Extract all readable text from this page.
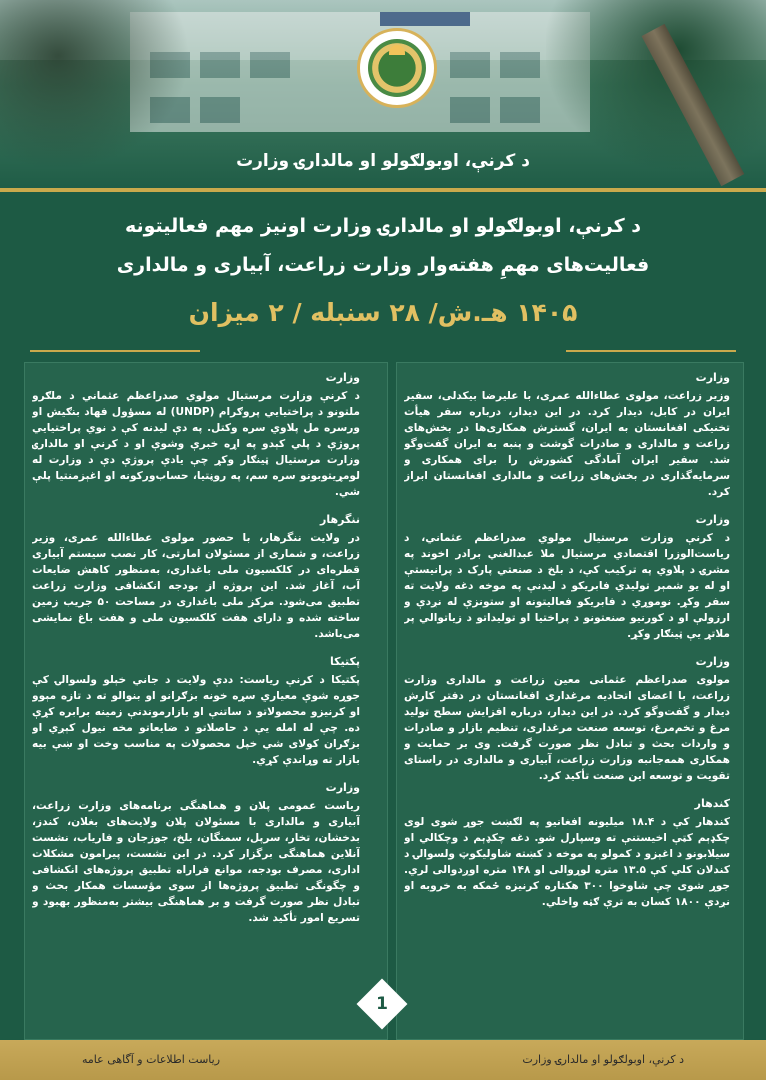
د کرنې، اوبولګولو او مالدارۍ وزارت
د کرنې، اوبولګولو او مالدارۍ وزارت اونیز مهم فعالیتونه
فعالیت‌های مهمِ هفته‌وار وزارت زراعت، آبیاری و مالداری
۱۴۰۵ هـ.ش/ ۲۸ سنبله / ۲ میزان
وزارت

وزیر زراعت، مولوی عطاءالله عمری، با علیرضا بیکدلی، سفیر ایران در کابل، دیدار کرد. در این دیدار، درباره سفر هیأت تخنیکی افغانستان به ایران، گسترش همکاری‌ها در بخش‌های زراعت و مالداری و صادرات گوشت و پنبه به ایران گفت‌وگو شد. سفیر ایران آمادگی کشورش را برای همکاری و سرمایه‌گذاری در بخش‌های زراعت و مالداری افغانستان ابراز کرد.

وزارت

د کرنې وزارت مرستیال مولوي صدراعظم عثماني، د ریاست‌الوزرا اقتصادي مرستیال ملا عبدالغني برادر اخوند په مشرۍ د پلاوي په ترکیب کې، د بلخ د صنعتي پارک د پرانیستې او له یو شمېر تولیدي فابریکو د لیدنې په موخه دغه ولایت ته سفر وکړ. نوموړي د فابریکو فعالیتونه او ستونزې له نږدې و ارزولې او د کورنیو صنعتونو د پراختیا او تولیداتو د زیاتوالي پر ملاتړ یې ټینګار وکړ.

وزارت

مولوی صدراعظم عثمانی معین زراعت و مالداری وزارت زراعت، با اعضای اتحادیه مرغداری افغانستان در دفتر کارش دیدار و گفت‌وگو کرد. در این دیدار، درباره افزایش سطح تولید مرغ و تخم‌مرغ، توسعه صنعت مرغداری، تنظیم بازار و صادرات و واردات بحث و تبادل نظر صورت گرفت. وی بر حمایت و همکاری همه‌جانبه وزارت زراعت، آبیاری و مالداری در راستای تقویت و توسعه این صنعت تأکید کرد.

کندهار

کندهار کې د ۱۸.۴ میلیونه افغانیو په لګښت جوړ شوی لوی چکډېم کټې اخیستنې ته وسپارل شو. دغه چکډېم د وچکالي او سیلابونو د اغېزو د کمولو په موخه د کښته شاولیکوټ ولسوالۍ د کندلان کلي کې ۱۳.۵ متره لوړوالی او ۱۴۸ متره اوږدوالی لري. جوړ شوی چې شاوخوا ۳۰۰ هکتاره کرنیزه ځمکه به خروبه او نږدې ۱۸۰۰ کسان به ترې ګټه واخلي.

وزارت

د کرنې وزارت مرستیال مولوي صدراعظم عثماني د ملګرو ملتونو د پراختیایي پروګرام (UNDP) له مسؤول فهاد بنګیش او ورسره مل پلاوي سره وکتل. په دې لیدنه کې د نوي پراختیایي پروژې د پلي کېدو په اړه خبرې وشوې او د کرنې او مالدارۍ وزارت مرستیال ټینګار وکړ چې یادې پروژې دې د وزارت له لومړیتوبونو سره سم، په روڼتیا، حساب‌ورکونه او اغېزمنتیا پلې شي.

ننگرهار

در ولایت ننگرهار، با حضور مولوی عطاءالله عمری، وزیر زراعت، و شماری از مسئولان امارتی، کار نصب سیستم آبیاری قطره‌ای در کلکسیون ملی باغداری، به‌منظور کاهش ضایعات آب، آغاز شد. این پروژه از بودجه انکشافی وزارت زراعت تطبیق می‌شود. مرکز ملی باغداری در مساحت ۵۰ جریب زمین ساخته شده و دارای هفت کلکسیون ملی و هفت باغ نمایشی می‌باشد.

پکتیکا

پکتیکا د کرنې ریاست: ددې ولایت د جاني خېلو ولسوالۍ کې جوړه شوې معیاري سړه خونه بزګرانو او بنوالو ته د تازه مېوو او کرنیزو محصولاتو د ساتنې او بازارموندنې زمینه برابره کړې ده. چې له امله یې د حاصلاتو د ضایعاتو مخه نیول کېږي او بزګران کولای شي خپل محصولات په مناسب وخت او ښې بیه بازار ته وړاندې کړي.

وزارت

ریاست عمومی پلان و هماهنگی برنامه‌های وزارت زراعت، آبیاری و مالداری با مسئولان پلان ولایت‌های بغلان، کندز، بدخشان، تخار، سرپل، سمنگان، بلخ، جوزجان و فاریاب، نشست آنلاین هماهنگی برگزار کرد. در این نشست، پیرامون مشکلات اداری، مصرف بودجه، موانع فراراه تطبیق پروژه‌های انکشافی و چگونگی تطبیق پروژه‌ها از سوی مؤسسات همکار بحث و تبادل نظر صورت گرفت و بر هماهنگی بیشتر به‌منظور بهبود و تسریع امور تأکید شد.

1
ریاست اطلاعات و آگاهی عامه	د کرنې، اوبولګولو او مالدارۍ وزارت
